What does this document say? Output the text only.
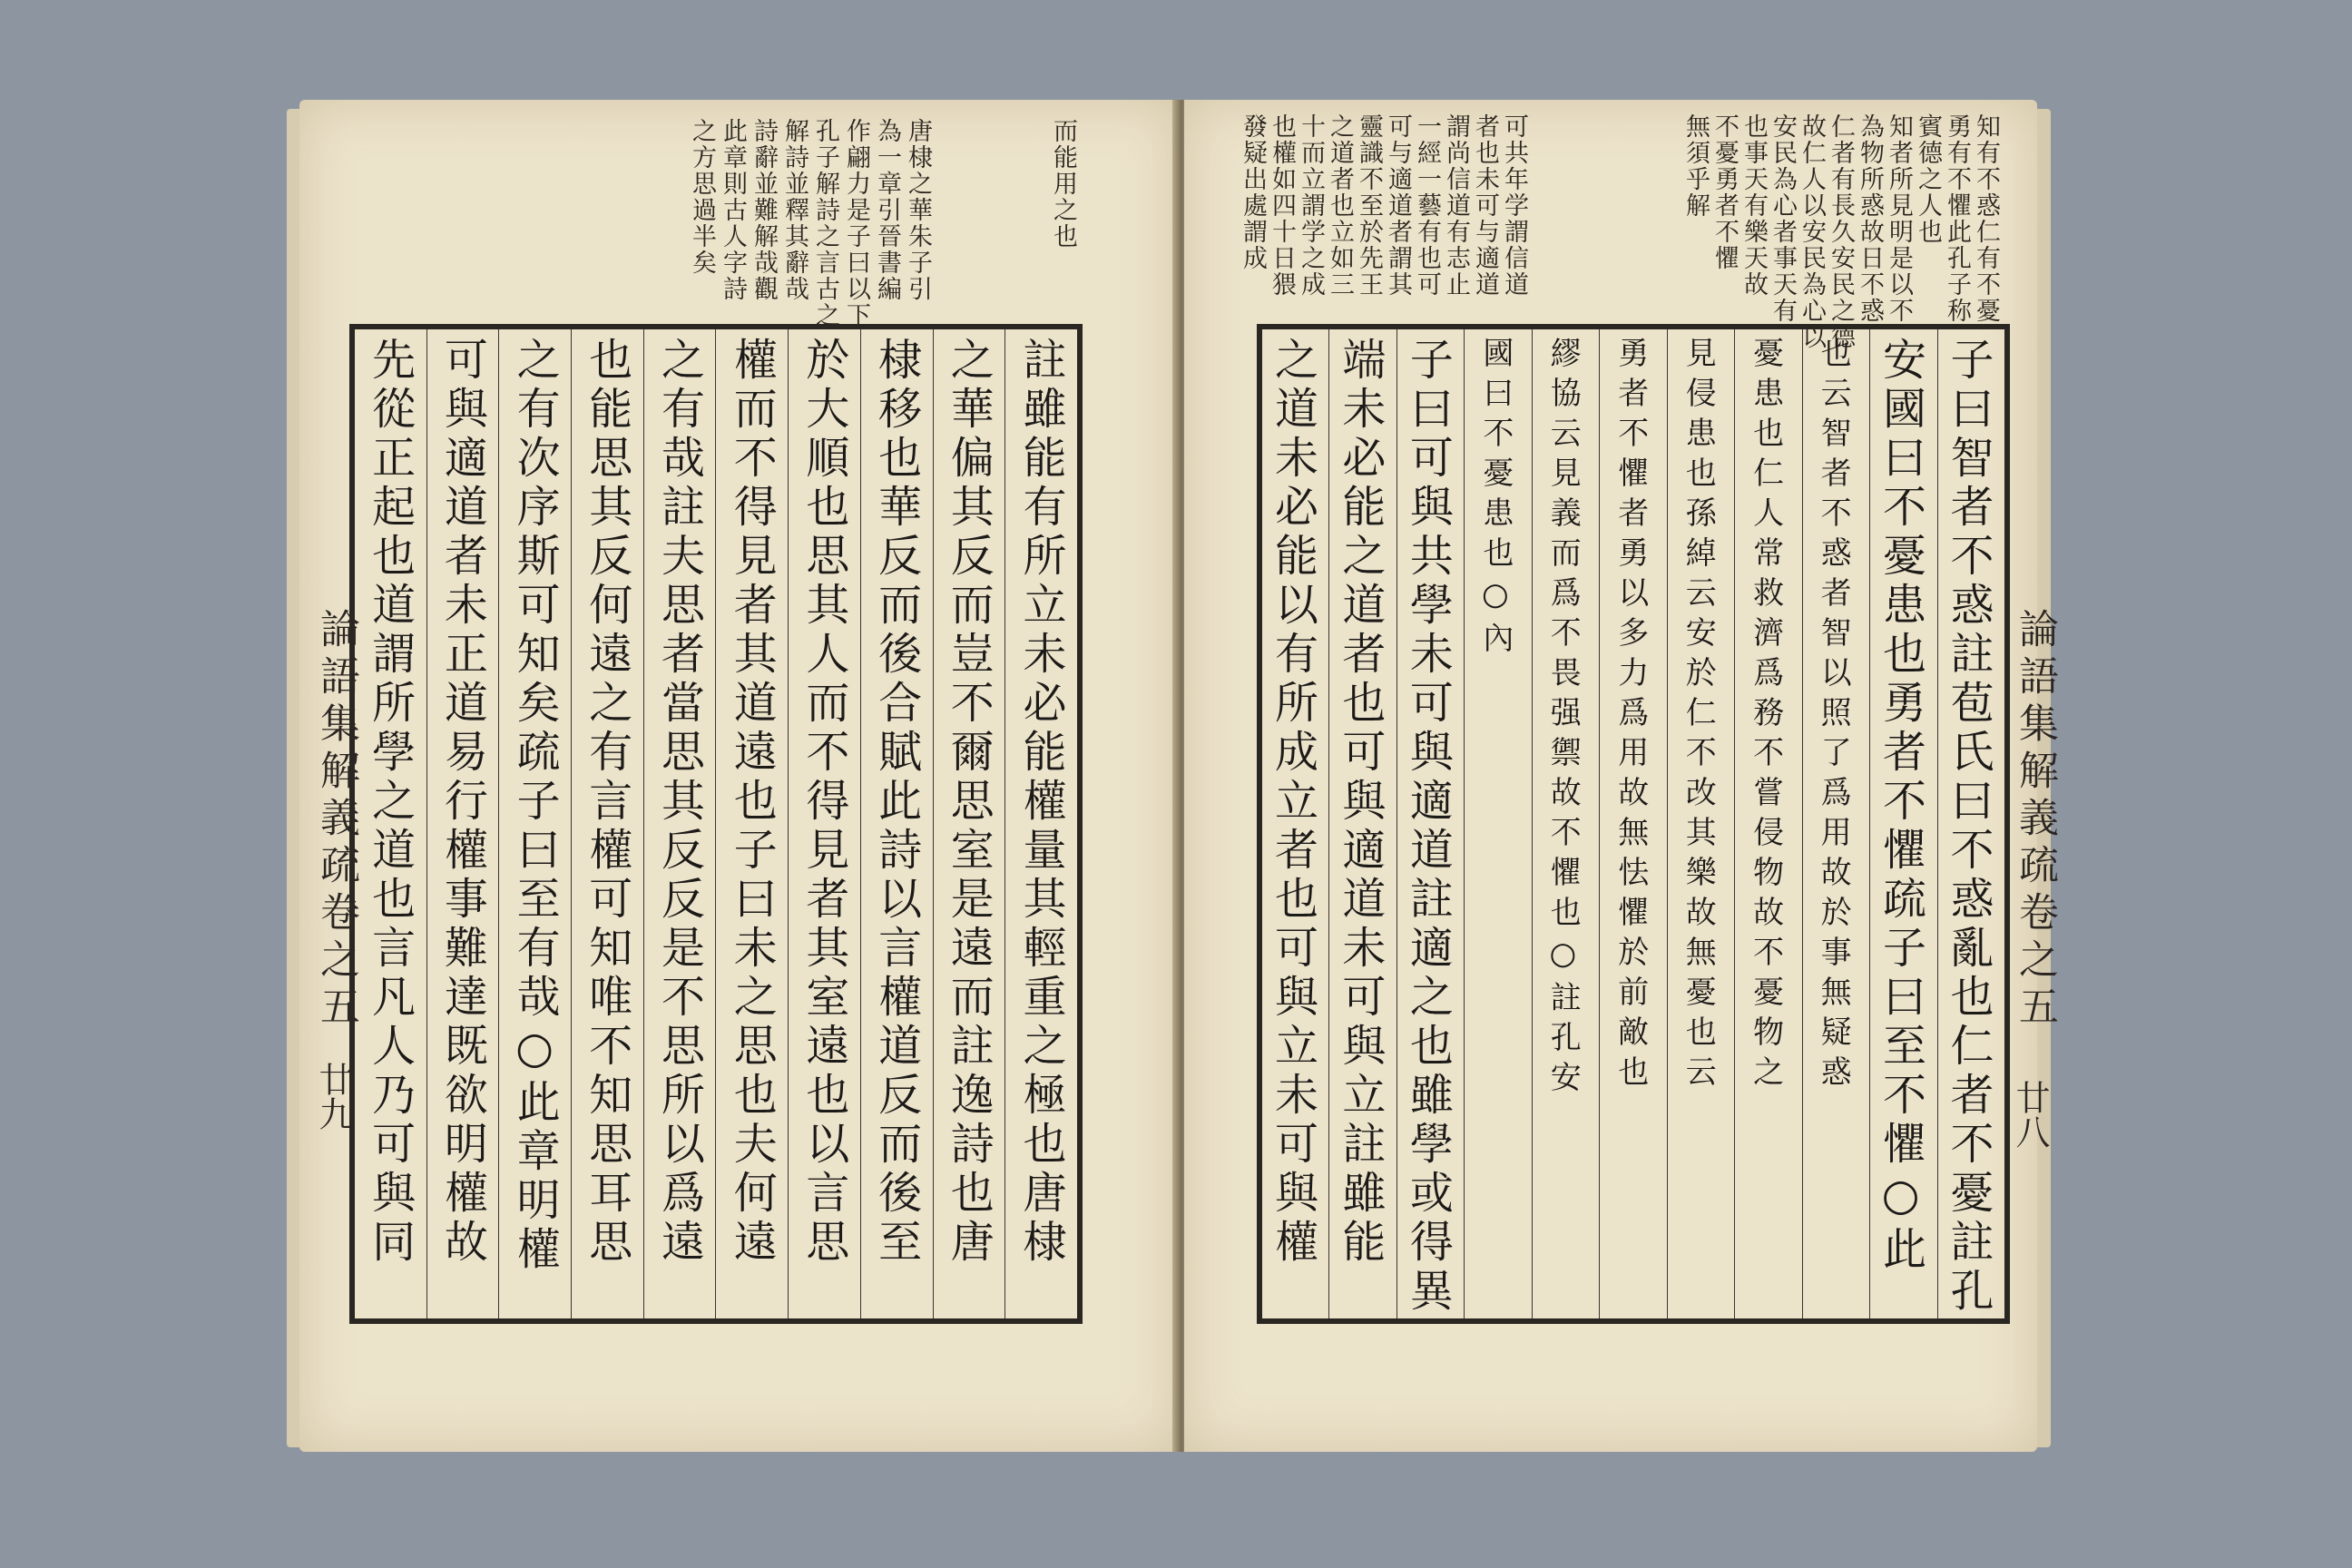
而能用之也
唐棣之華朱子引
為一章引晉書編
作翩力是子曰以下
孔子解詩之言古之
解詩並釋其辭哉
詩辭並難解哉觀
此章則古人字詩
之方思過半矣
論語集解義疏卷之五
廿九	註雖能有所立未必能權量其輕重之極也唐棣
之華偏其反而豈不爾思室是遠而註逸詩也唐
棣移也華反而後合賦此詩以言權道反而後至
於大順也思其人而不得見者其室遠也以言思
權而不得見者其道遠也子曰未之思也夫何遠
之有哉註夫思者當思其反反是不思所以爲遠
也能思其反何遠之有言權可知唯不知思耳思
之有次序斯可知矣疏子曰至有哉○此章明權
可與適道者未正道易行權事難達既欲明權故
先從正起也道謂所學之道也言凡人乃可與同
可共年学謂信道
者也未可与適道
謂尚信道有志止
一經一藝有也可
可与適道者謂其
靈識不至於先王
之道者也立如三
十而立謂学之成
也權如四十日猥
發疑出處謂成	知有不惑仁有不憂
勇有不懼此孔子称
賓德之人也
知者所見明是以不
為物所惑故日不惑
仁者有長久安民之德
故仁人以安民為心以
安民為心者事天有
也事天有樂天故
不憂勇者不懼
無須乎解
論語集解義疏卷之五
廿八
子曰智者不惑註苞氏曰不惑亂也仁者不憂註孔
安國曰不憂患也勇者不懼疏子曰至不懼○此
也云智者不惑者智以照了爲用故於事無疑惑
憂患也仁人常救濟爲務不嘗侵物故不憂物之
見侵患也孫綽云安於仁不改其樂故無憂也云
勇者不懼者勇以多力爲用故無怯懼於前敵也
繆協云見義而爲不畏强禦故不懼也○註孔安
國曰不憂患也○內
子曰可與共學未可與適道註適之也雖學或得異
端未必能之道者也可與適道未可與立註雖能
之道未必能以有所成立者也可與立未可與權
